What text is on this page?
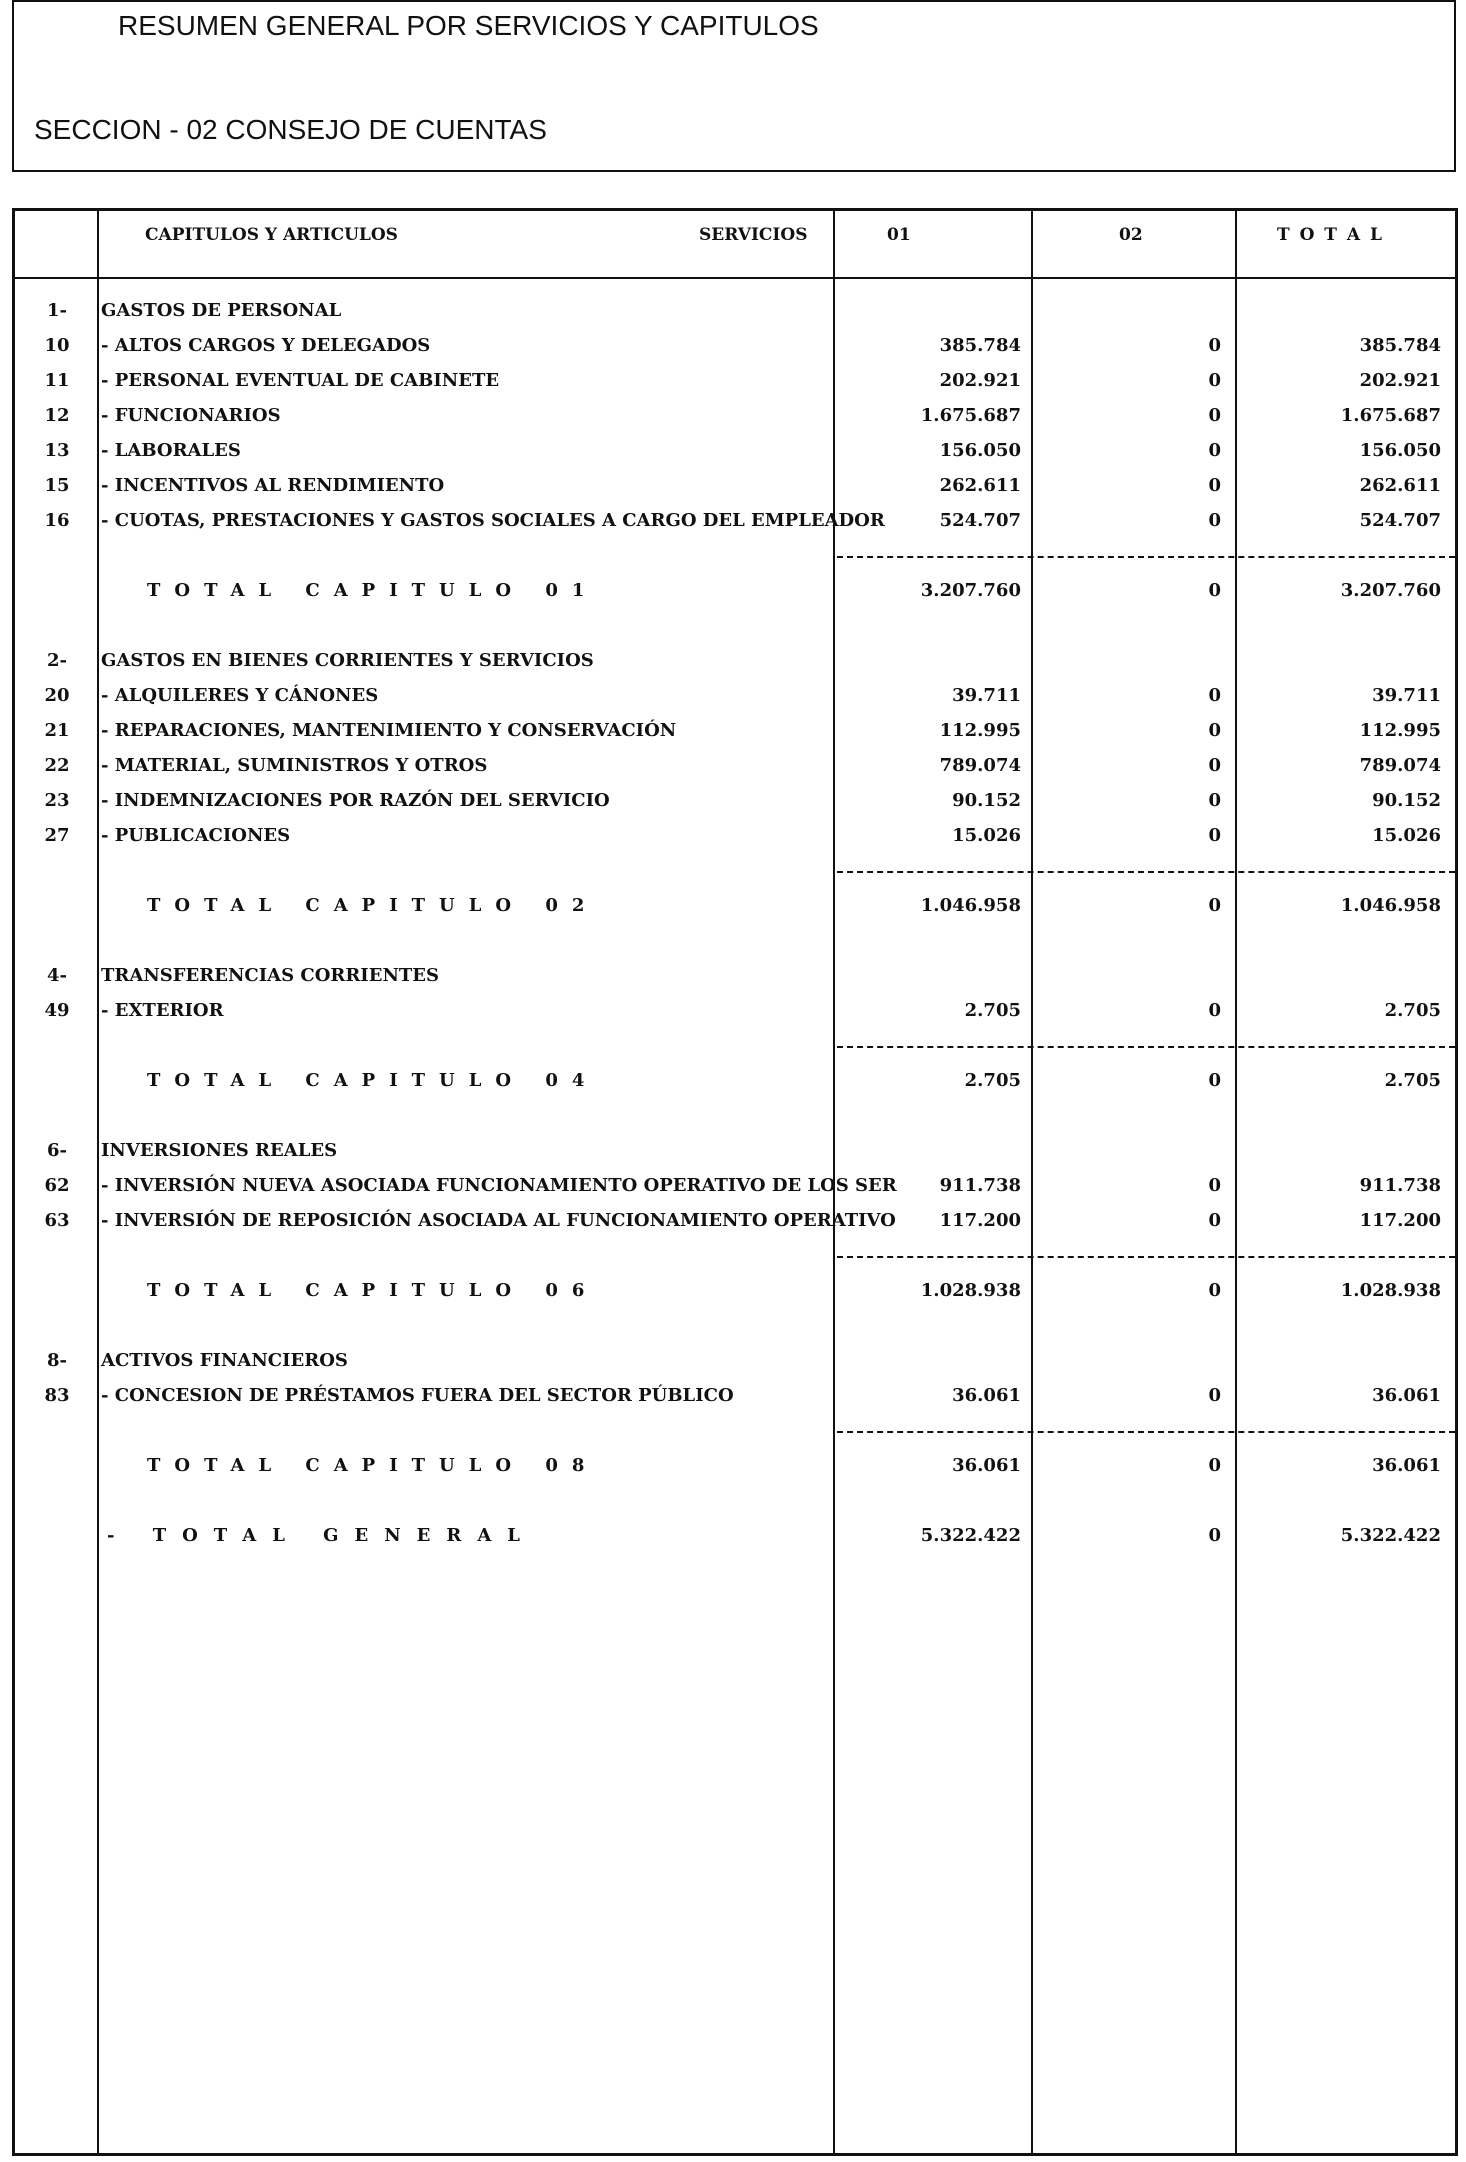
RESUMEN GENERAL POR SERVICIOS Y CAPITULOS
SECCION - 02 CONSEJO DE CUENTAS
CAPITULOS Y ARTICULOS	SERVICIOS	01	02	T O T A L
1-	GASTOS DE PERSONAL
10	- ALTOS CARGOS Y DELEGADOS	385.784	0	385.784
11	- PERSONAL EVENTUAL DE CABINETE	202.921	0	202.921
12	- FUNCIONARIOS	1.675.687	0	1.675.687
13	- LABORALES	156.050	0	156.050
15	- INCENTIVOS AL RENDIMIENTO	262.611	0	262.611
16	- CUOTAS, PRESTACIONES Y GASTOS SOCIALES A CARGO DEL EMPLEADOR	524.707	0	524.707
TOTAL CAPITULO 01	3.207.760	0	3.207.760
2-	GASTOS EN BIENES CORRIENTES Y SERVICIOS
20	- ALQUILERES Y CÁNONES	39.711	0	39.711
21	- REPARACIONES, MANTENIMIENTO Y CONSERVACIÓN	112.995	0	112.995
22	- MATERIAL, SUMINISTROS Y OTROS	789.074	0	789.074
23	- INDEMNIZACIONES POR RAZÓN DEL SERVICIO	90.152	0	90.152
27	- PUBLICACIONES	15.026	0	15.026
TOTAL CAPITULO 02	1.046.958	0	1.046.958
4-	TRANSFERENCIAS CORRIENTES
49	- EXTERIOR	2.705	0	2.705
TOTAL CAPITULO 04	2.705	0	2.705
6-	INVERSIONES REALES
62	- INVERSIÓN NUEVA ASOCIADA FUNCIONAMIENTO OPERATIVO DE LOS SER	911.738	0	911.738
63	- INVERSIÓN DE REPOSICIÓN ASOCIADA AL FUNCIONAMIENTO OPERATIVO	117.200	0	117.200
TOTAL CAPITULO 06	1.028.938	0	1.028.938
8-	ACTIVOS FINANCIEROS
83	- CONCESION DE PRÉSTAMOS FUERA DEL SECTOR PÚBLICO	36.061	0	36.061
TOTAL CAPITULO 08	36.061	0	36.061
- TOTAL GENERAL	5.322.422	0	5.322.422
